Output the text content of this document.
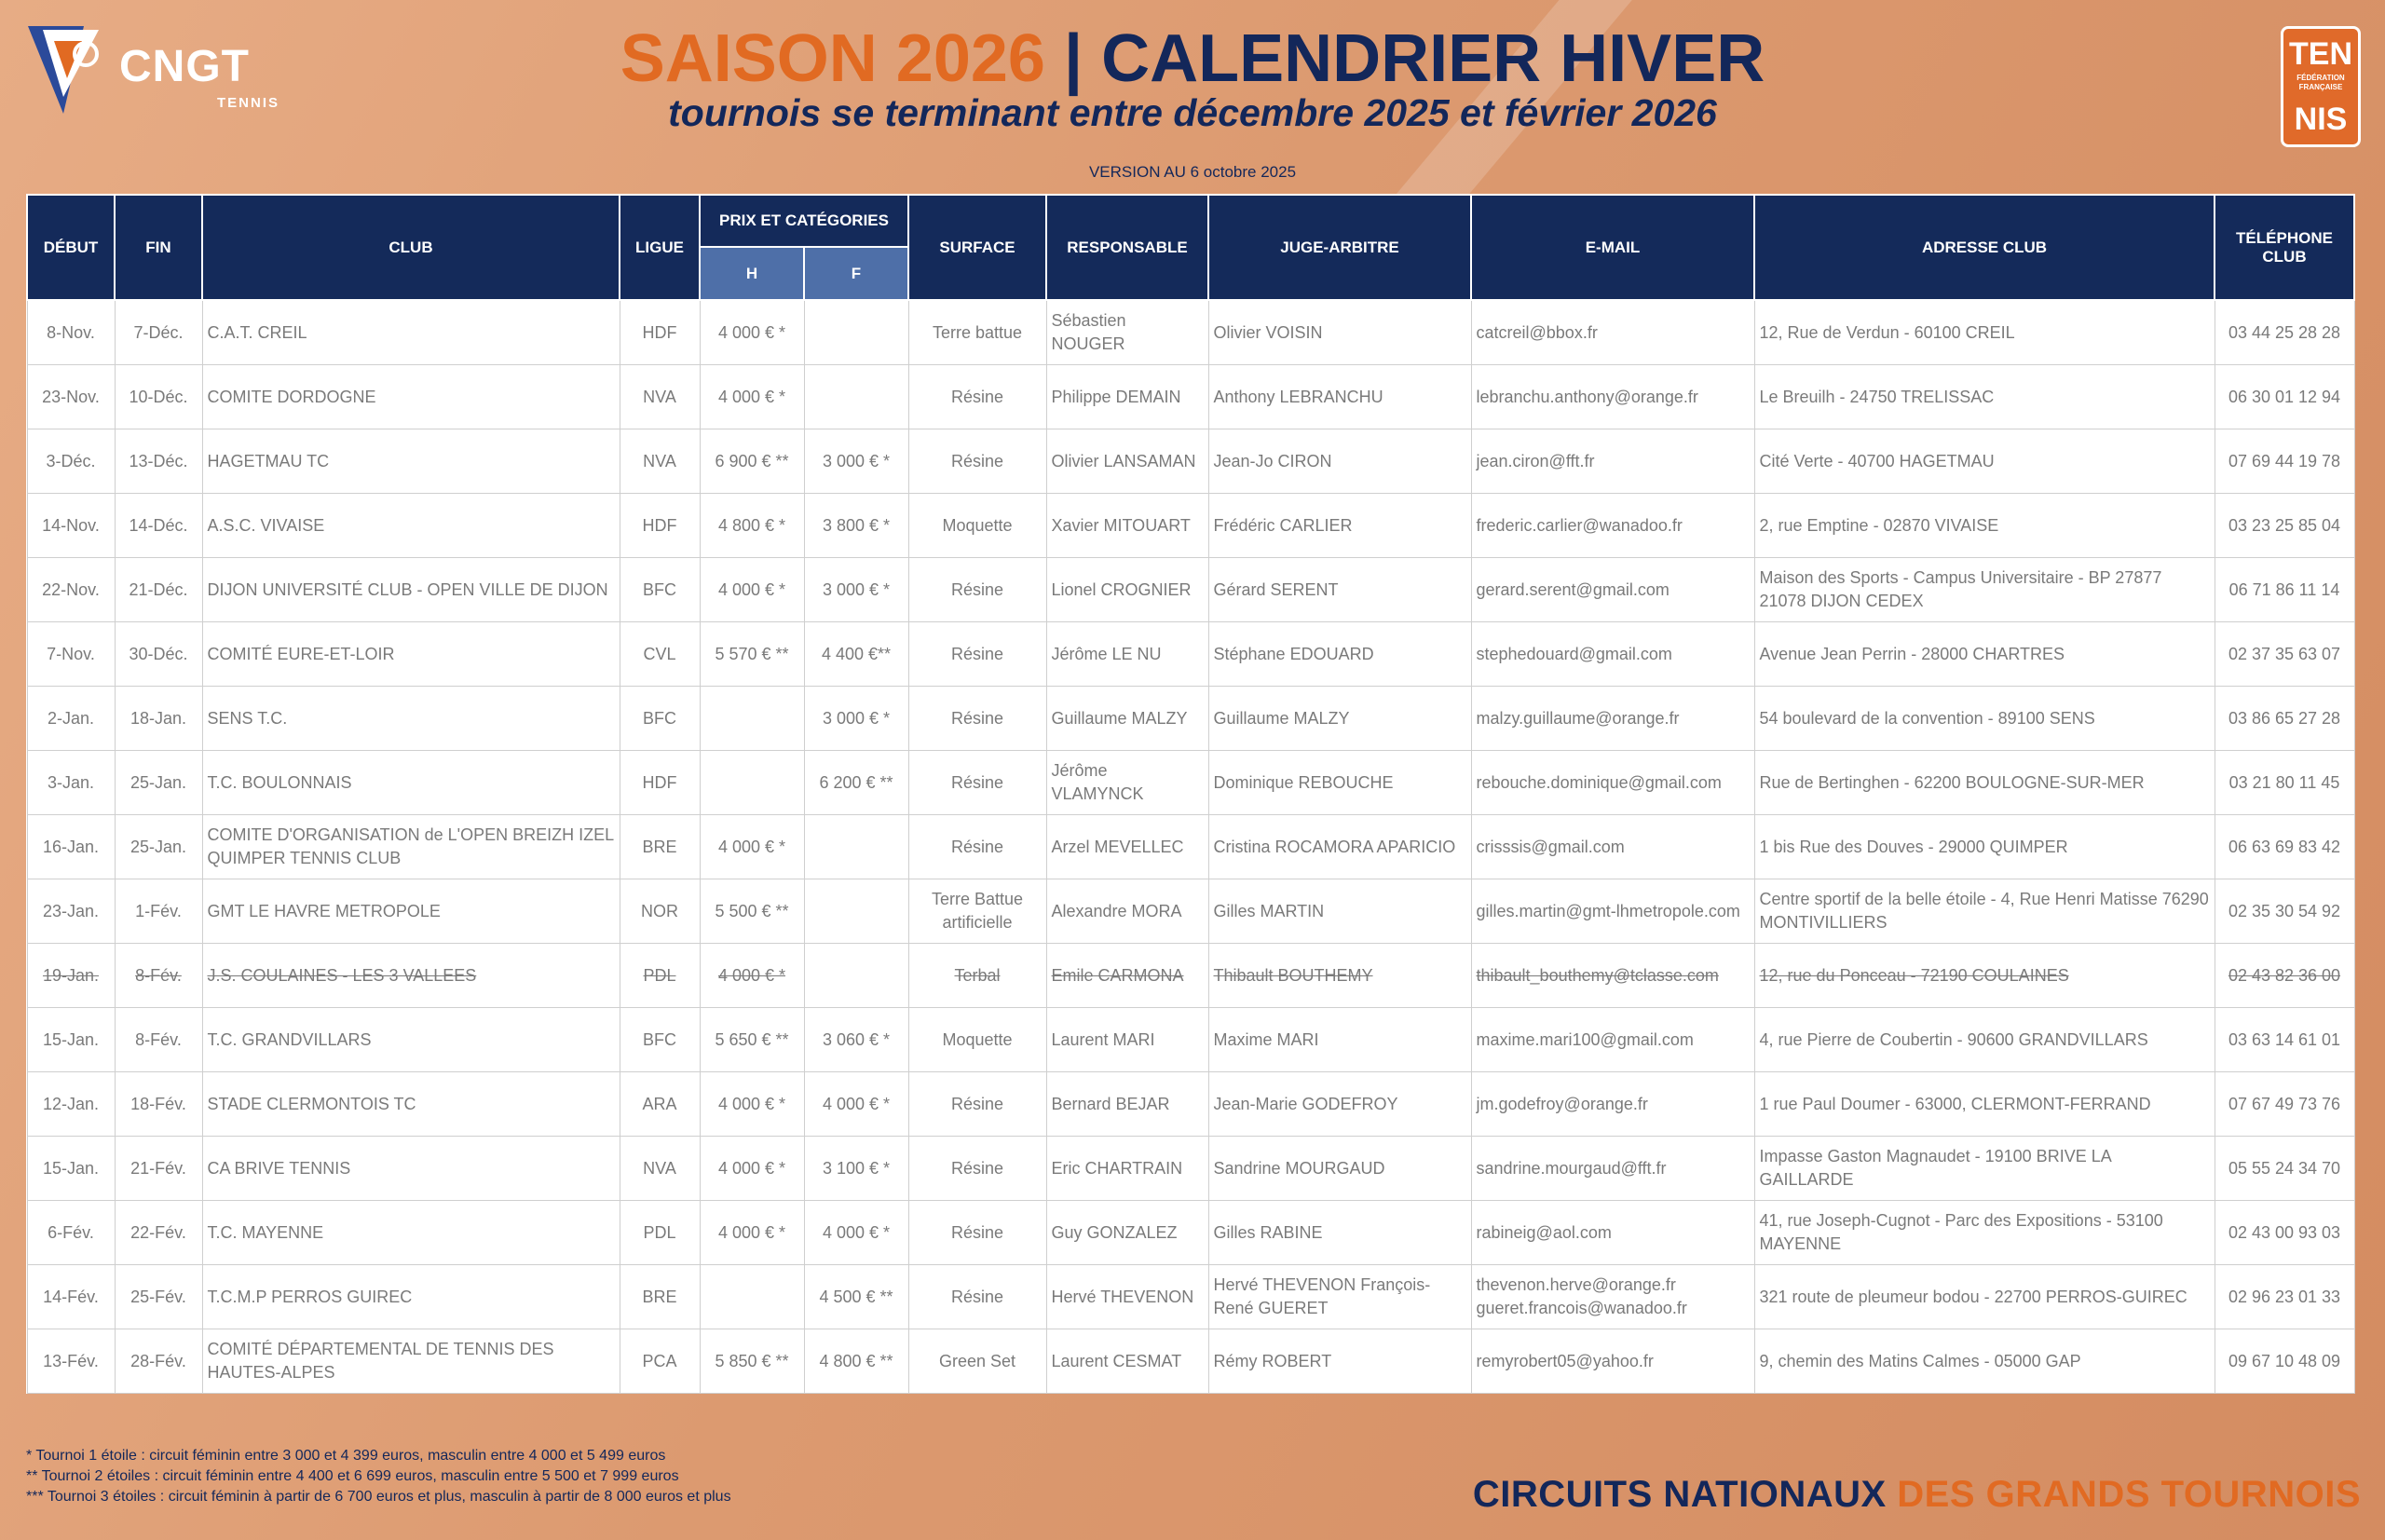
CNGT
TENNIS
TEN
FÉDÉRATION FRANÇAISE
NIS
SAISON 2026 | CALENDRIER HIVER
tournois se terminant entre décembre 2025 et février 2026
VERSION AU 6 octobre 2025
DÉBUT	FIN	CLUB	LIGUE	PRIX ET CATÉGORIES		SURFACE	RESPONSABLE	JUGE-ARBITRE	E-MAIL	ADRESSE CLUB	TÉLÉPHONE CLUB
				H	F						
8-Nov.	7-Déc.	C.A.T. CREIL	HDF	4 000 € *		Terre battue	Sébastien NOUGER	Olivier VOISIN	catcreil@bbox.fr	12, Rue de Verdun - 60100 CREIL	03 44 25 28 28
23-Nov.	10-Déc.	COMITE DORDOGNE	NVA	4 000 € *		Résine	Philippe DEMAIN	Anthony LEBRANCHU	lebranchu.anthony@orange.fr	Le Breuilh - 24750 TRELISSAC	06 30 01 12 94
3-Déc.	13-Déc.	HAGETMAU TC	NVA	6 900 € **	3 000 € *	Résine	Olivier LANSAMAN	Jean-Jo CIRON	jean.ciron@fft.fr	Cité Verte - 40700 HAGETMAU	07 69 44 19 78
14-Nov.	14-Déc.	A.S.C. VIVAISE	HDF	4 800 € *	3 800 € *	Moquette	Xavier MITOUART	Frédéric CARLIER	frederic.carlier@wanadoo.fr	2, rue Emptine - 02870 VIVAISE	03 23 25 85 04
22-Nov.	21-Déc.	DIJON UNIVERSITÉ CLUB - OPEN VILLE DE DIJON	BFC	4 000 € *	3 000 € *	Résine	Lionel CROGNIER	Gérard SERENT	gerard.serent@gmail.com	Maison des Sports - Campus Universitaire - BP 27877 21078 DIJON CEDEX	06 71 86 11 14
7-Nov.	30-Déc.	COMITÉ EURE-ET-LOIR	CVL	5 570 € **	4 400 €**	Résine	Jérôme LE NU	Stéphane EDOUARD	stephedouard@gmail.com	Avenue Jean Perrin - 28000 CHARTRES	02 37 35 63 07
2-Jan.	18-Jan.	SENS T.C.	BFC		3 000 € *	Résine	Guillaume MALZY	Guillaume MALZY	malzy.guillaume@orange.fr	54 boulevard de la convention - 89100 SENS	03 86 65 27 28
3-Jan.	25-Jan.	T.C. BOULONNAIS	HDF		6 200 € **	Résine	Jérôme VLAMYNCK	Dominique REBOUCHE	rebouche.dominique@gmail.com	Rue de Bertinghen - 62200 BOULOGNE-SUR-MER	03 21 80 11 45
16-Jan.	25-Jan.	COMITE D'ORGANISATION de L'OPEN BREIZH IZEL QUIMPER TENNIS CLUB	BRE	4 000 € *		Résine	Arzel MEVELLEC	Cristina ROCAMORA APARICIO	crisssis@gmail.com	1 bis Rue des Douves - 29000 QUIMPER	06 63 69 83 42
23-Jan.	1-Fév.	GMT LE HAVRE METROPOLE	NOR	5 500 € **		Terre Battue artificielle	Alexandre MORA	Gilles MARTIN	gilles.martin@gmt-lhmetropole.com	Centre sportif de la belle étoile - 4, Rue Henri Matisse 76290 MONTIVILLIERS	02 35 30 54 92
19-Jan.	8-Fév.	J.S. COULAINES - LES 3 VALLEES	PDL	4 000 € *		Terbal	Emile CARMONA	Thibault BOUTHEMY	thibault_bouthemy@tclasse.com	12, rue du Ponceau - 72190 COULAINES	02 43 82 36 00
15-Jan.	8-Fév.	T.C. GRANDVILLARS	BFC	5 650 € **	3 060 € *	Moquette	Laurent MARI	Maxime MARI	maxime.mari100@gmail.com	4, rue Pierre de Coubertin - 90600 GRANDVILLARS	03 63 14 61 01
12-Jan.	18-Fév.	STADE CLERMONTOIS TC	ARA	4 000 € *	4 000 € *	Résine	Bernard BEJAR	Jean-Marie GODEFROY	jm.godefroy@orange.fr	1 rue Paul Doumer - 63000, CLERMONT-FERRAND	07 67 49 73 76
15-Jan.	21-Fév.	CA BRIVE TENNIS	NVA	4 000 € *	3 100 € *	Résine	Eric CHARTRAIN	Sandrine MOURGAUD	sandrine.mourgaud@fft.fr	Impasse Gaston Magnaudet - 19100 BRIVE LA GAILLARDE	05 55 24 34 70
6-Fév.	22-Fév.	T.C. MAYENNE	PDL	4 000 € *	4 000 € *	Résine	Guy GONZALEZ	Gilles RABINE	rabineig@aol.com	41, rue Joseph-Cugnot - Parc des Expositions - 53100 MAYENNE	02 43 00 93 03
14-Fév.	25-Fév.	T.C.M.P PERROS GUIREC	BRE		4 500 € **	Résine	Hervé THEVENON	Hervé THEVENON François-René GUERET	thevenon.herve@orange.fr gueret.francois@wanadoo.fr	321 route de pleumeur bodou - 22700 PERROS-GUIREC	02 96 23 01 33
13-Fév.	28-Fév.	COMITÉ DÉPARTEMENTAL DE TENNIS DES HAUTES-ALPES	PCA	5 850 € **	4 800 € **	Green Set	Laurent CESMAT	Rémy ROBERT	remyrobert05@yahoo.fr	9, chemin des Matins Calmes - 05000 GAP	09 67 10 48 09
* Tournoi 1 étoile : circuit féminin entre 3 000 et 4 399 euros, masculin entre 4 000 et 5 499 euros
** Tournoi 2 étoiles : circuit féminin entre 4 400 et 6 699 euros, masculin entre 5 500 et 7 999 euros
*** Tournoi 3 étoiles : circuit féminin à partir de 6 700 euros et plus, masculin à partir de 8 000 euros et plus	CIRCUITS NATIONAUX DES GRANDS TOURNOIS
